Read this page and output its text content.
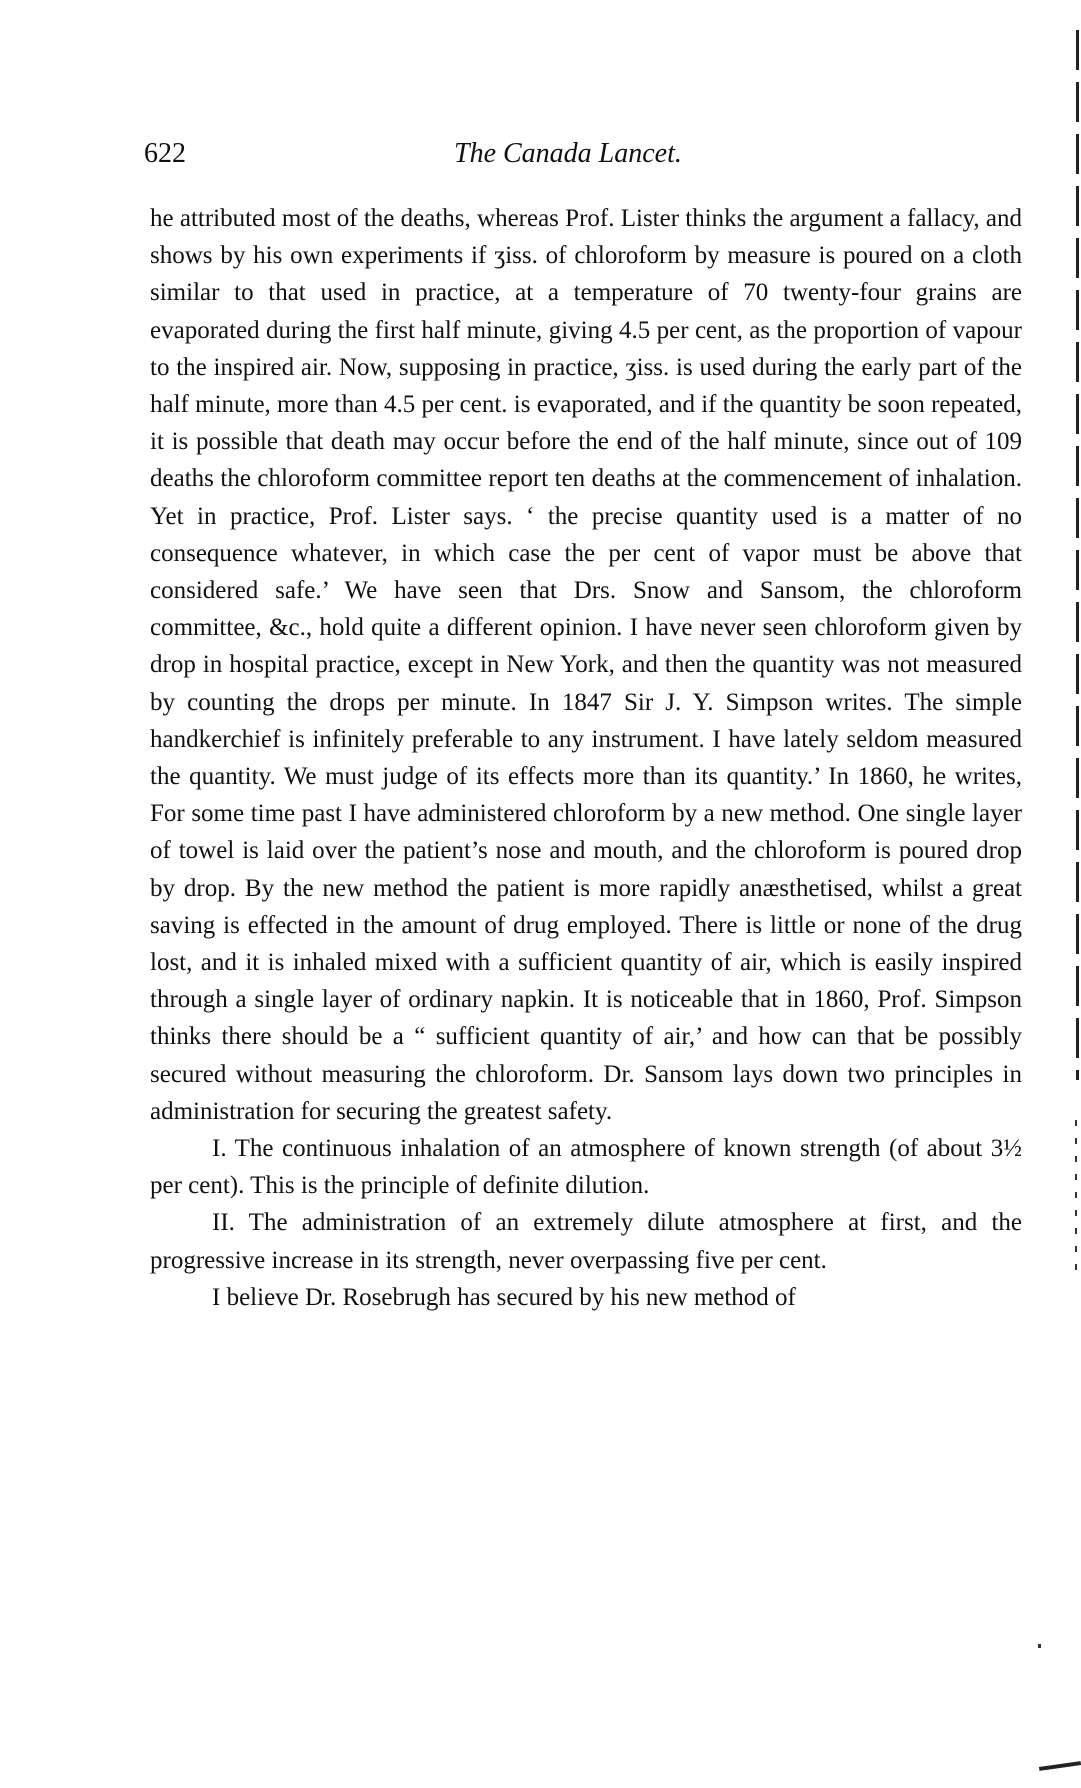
622	The Canada Lancet.

he attributed most of the deaths, whereas Prof. Lister thinks the argument a fallacy, and shows by his own experiments if ʒiss. of chloroform by measure is poured on a cloth similar to that used in practice, at a temperature of 70 twenty-four grains are evaporated during the first half minute, giving 4.5 per cent, as the proportion of vapour to the inspired air. Now, supposing in practice, ʒiss. is used during the early part of the half minute, more than 4.5 per cent. is evaporated, and if the quantity be soon repeated, it is possible that death may occur before the end of the half minute, since out of 109 deaths the chloroform committee report ten deaths at the commencement of inhalation. Yet in practice, Prof. Lister says. ‘ the precise quantity used is a matter of no consequence whatever, in which case the per cent of vapor must be above that considered safe.’ We have seen that Drs. Snow and Sansom, the chloroform committee, &c., hold quite a different opinion. I have never seen chloroform given by drop in hospital practice, except in New York, and then the quantity was not measured by counting the drops per minute. In 1847 Sir J. Y. Simpson writes. The simple handkerchief is infinitely preferable to any instrument. I have lately seldom measured the quantity. We must judge of its effects more than its quantity.’ In 1860, he writes, For some time past I have administered chloroform by a new method. One single layer of towel is laid over the patient’s nose and mouth, and the chloroform is poured drop by drop. By the new method the patient is more rapidly anæsthetised, whilst a great saving is effected in the amount of drug employed. There is little or none of the drug lost, and it is inhaled mixed with a sufficient quantity of air, which is easily inspired through a single layer of ordinary napkin. It is noticeable that in 1860, Prof. Simpson thinks there should be a “ sufficient quantity of air,’ and how can that be possibly secured without measuring the chloroform. Dr. Sansom lays down two principles in administration for securing the greatest safety.

I. The continuous inhalation of an atmosphere of known strength (of about 3½ per cent). This is the principle of definite dilution.

II. The administration of an extremely dilute atmosphere at first, and the progressive increase in its strength, never overpassing five per cent.

I believe Dr. Rosebrugh has secured by his new method of
